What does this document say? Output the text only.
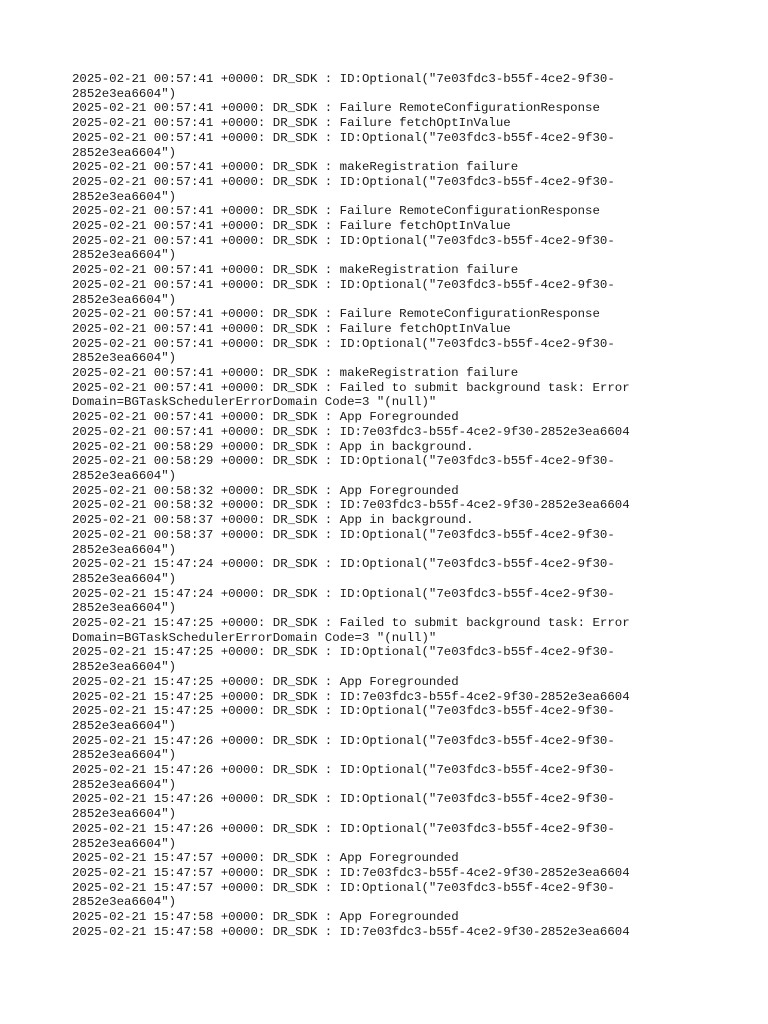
2025-02-21 00:57:41 +0000: DR_SDK : ID:Optional("7e03fdc3-b55f-4ce2-9f30-
2852e3ea6604")
2025-02-21 00:57:41 +0000: DR_SDK : Failure RemoteConfigurationResponse
2025-02-21 00:57:41 +0000: DR_SDK : Failure fetchOptInValue
2025-02-21 00:57:41 +0000: DR_SDK : ID:Optional("7e03fdc3-b55f-4ce2-9f30-
2852e3ea6604")
2025-02-21 00:57:41 +0000: DR_SDK : makeRegistration failure
2025-02-21 00:57:41 +0000: DR_SDK : ID:Optional("7e03fdc3-b55f-4ce2-9f30-
2852e3ea6604")
2025-02-21 00:57:41 +0000: DR_SDK : Failure RemoteConfigurationResponse
2025-02-21 00:57:41 +0000: DR_SDK : Failure fetchOptInValue
2025-02-21 00:57:41 +0000: DR_SDK : ID:Optional("7e03fdc3-b55f-4ce2-9f30-
2852e3ea6604")
2025-02-21 00:57:41 +0000: DR_SDK : makeRegistration failure
2025-02-21 00:57:41 +0000: DR_SDK : ID:Optional("7e03fdc3-b55f-4ce2-9f30-
2852e3ea6604")
2025-02-21 00:57:41 +0000: DR_SDK : Failure RemoteConfigurationResponse
2025-02-21 00:57:41 +0000: DR_SDK : Failure fetchOptInValue
2025-02-21 00:57:41 +0000: DR_SDK : ID:Optional("7e03fdc3-b55f-4ce2-9f30-
2852e3ea6604")
2025-02-21 00:57:41 +0000: DR_SDK : makeRegistration failure
2025-02-21 00:57:41 +0000: DR_SDK : Failed to submit background task: Error
Domain=BGTaskSchedulerErrorDomain Code=3 "(null)"
2025-02-21 00:57:41 +0000: DR_SDK : App Foregrounded
2025-02-21 00:57:41 +0000: DR_SDK : ID:7e03fdc3-b55f-4ce2-9f30-2852e3ea6604
2025-02-21 00:58:29 +0000: DR_SDK : App in background.
2025-02-21 00:58:29 +0000: DR_SDK : ID:Optional("7e03fdc3-b55f-4ce2-9f30-
2852e3ea6604")
2025-02-21 00:58:32 +0000: DR_SDK : App Foregrounded
2025-02-21 00:58:32 +0000: DR_SDK : ID:7e03fdc3-b55f-4ce2-9f30-2852e3ea6604
2025-02-21 00:58:37 +0000: DR_SDK : App in background.
2025-02-21 00:58:37 +0000: DR_SDK : ID:Optional("7e03fdc3-b55f-4ce2-9f30-
2852e3ea6604")
2025-02-21 15:47:24 +0000: DR_SDK : ID:Optional("7e03fdc3-b55f-4ce2-9f30-
2852e3ea6604")
2025-02-21 15:47:24 +0000: DR_SDK : ID:Optional("7e03fdc3-b55f-4ce2-9f30-
2852e3ea6604")
2025-02-21 15:47:25 +0000: DR_SDK : Failed to submit background task: Error
Domain=BGTaskSchedulerErrorDomain Code=3 "(null)"
2025-02-21 15:47:25 +0000: DR_SDK : ID:Optional("7e03fdc3-b55f-4ce2-9f30-
2852e3ea6604")
2025-02-21 15:47:25 +0000: DR_SDK : App Foregrounded
2025-02-21 15:47:25 +0000: DR_SDK : ID:7e03fdc3-b55f-4ce2-9f30-2852e3ea6604
2025-02-21 15:47:25 +0000: DR_SDK : ID:Optional("7e03fdc3-b55f-4ce2-9f30-
2852e3ea6604")
2025-02-21 15:47:26 +0000: DR_SDK : ID:Optional("7e03fdc3-b55f-4ce2-9f30-
2852e3ea6604")
2025-02-21 15:47:26 +0000: DR_SDK : ID:Optional("7e03fdc3-b55f-4ce2-9f30-
2852e3ea6604")
2025-02-21 15:47:26 +0000: DR_SDK : ID:Optional("7e03fdc3-b55f-4ce2-9f30-
2852e3ea6604")
2025-02-21 15:47:26 +0000: DR_SDK : ID:Optional("7e03fdc3-b55f-4ce2-9f30-
2852e3ea6604")
2025-02-21 15:47:57 +0000: DR_SDK : App Foregrounded
2025-02-21 15:47:57 +0000: DR_SDK : ID:7e03fdc3-b55f-4ce2-9f30-2852e3ea6604
2025-02-21 15:47:57 +0000: DR_SDK : ID:Optional("7e03fdc3-b55f-4ce2-9f30-
2852e3ea6604")
2025-02-21 15:47:58 +0000: DR_SDK : App Foregrounded
2025-02-21 15:47:58 +0000: DR_SDK : ID:7e03fdc3-b55f-4ce2-9f30-2852e3ea6604
